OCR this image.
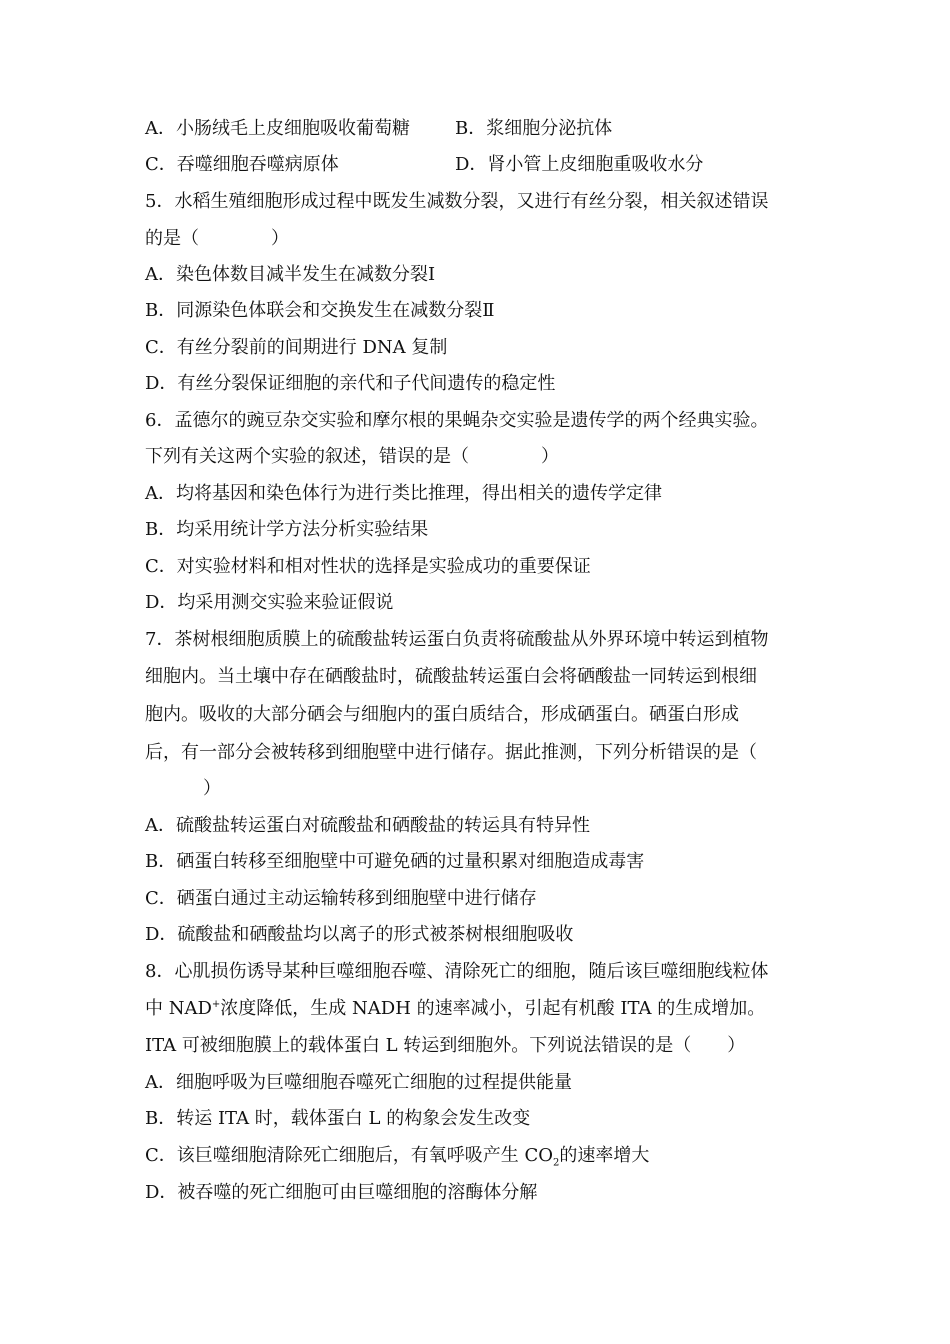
A．小肠绒毛上皮细胞吸收葡萄糖	B．浆细胞分泌抗体
C．吞噬细胞吞噬病原体	D．肾小管上皮细胞重吸收水分
5．水稻生殖细胞形成过程中既发生减数分裂，又进行有丝分裂，相关叙述错误
的是（　　　　）
A．染色体数目减半发生在减数分裂Ⅰ
B．同源染色体联会和交换发生在减数分裂Ⅱ
C．有丝分裂前的间期进行 DNA 复制
D．有丝分裂保证细胞的亲代和子代间遗传的稳定性
6．孟德尔的豌豆杂交实验和摩尔根的果蝇杂交实验是遗传学的两个经典实验。
下列有关这两个实验的叙述，错误的是（　　　　）
A．均将基因和染色体行为进行类比推理，得出相关的遗传学定律
B．均采用统计学方法分析实验结果
C．对实验材料和相对性状的选择是实验成功的重要保证
D．均采用测交实验来验证假说
7．茶树根细胞质膜上的硫酸盐转运蛋白负责将硫酸盐从外界环境中转运到植物
细胞内。当土壤中存在硒酸盐时，硫酸盐转运蛋白会将硒酸盐一同转运到根细
胞内。吸收的大部分硒会与细胞内的蛋白质结合，形成硒蛋白。硒蛋白形成
后，有一部分会被转移到细胞壁中进行储存。据此推测，下列分析错误的是（
）
A．硫酸盐转运蛋白对硫酸盐和硒酸盐的转运具有特异性
B．硒蛋白转移至细胞壁中可避免硒的过量积累对细胞造成毒害
C．硒蛋白通过主动运输转移到细胞壁中进行储存
D．硫酸盐和硒酸盐均以离子的形式被茶树根细胞吸收
8．心肌损伤诱导某种巨噬细胞吞噬、清除死亡的细胞，随后该巨噬细胞线粒体
中 NAD+浓度降低，生成 NADH 的速率减小，引起有机酸 ITA 的生成增加。
ITA 可被细胞膜上的载体蛋白 L 转运到细胞外。下列说法错误的是（　　）
A．细胞呼吸为巨噬细胞吞噬死亡细胞的过程提供能量
B．转运 ITA 时，载体蛋白 L 的构象会发生改变
C．该巨噬细胞清除死亡细胞后，有氧呼吸产生 $CO_2$的速率增大
D．被吞噬的死亡细胞可由巨噬细胞的溶酶体分解
